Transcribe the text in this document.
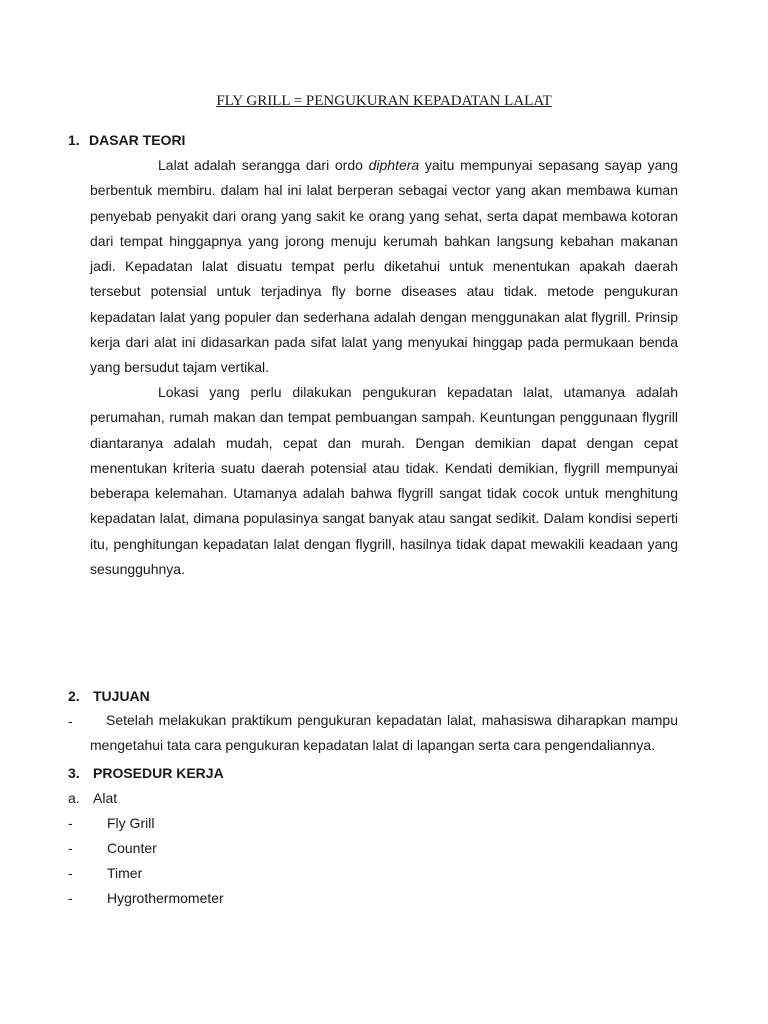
FLY GRILL = PENGUKURAN KEPADATAN LALAT
1. DASAR TEORI

Lalat adalah serangga dari ordo diphtera yaitu mempunyai sepasang sayap yang berbentuk membiru. dalam hal ini lalat berperan sebagai vector yang akan membawa kuman penyebab penyakit dari orang yang sakit ke orang yang sehat, serta dapat membawa kotoran dari tempat hinggapnya yang jorong menuju kerumah bahkan langsung kebahan makanan jadi. Kepadatan lalat disuatu tempat perlu diketahui untuk menentukan apakah daerah tersebut potensial untuk terjadinya fly borne diseases atau tidak. metode pengukuran kepadatan lalat yang populer dan sederhana adalah dengan menggunakan alat flygrill. Prinsip kerja dari alat ini didasarkan pada sifat lalat yang menyukai hinggap pada permukaan benda yang bersudut tajam vertikal.

Lokasi yang perlu dilakukan pengukuran kepadatan lalat, utamanya adalah perumahan, rumah makan dan tempat pembuangan sampah. Keuntungan penggunaan flygrill diantaranya adalah mudah, cepat dan murah. Dengan demikian dapat dengan cepat menentukan kriteria suatu daerah potensial atau tidak. Kendati demikian, flygrill mempunyai beberapa kelemahan. Utamanya adalah bahwa flygrill sangat tidak cocok untuk menghitung kepadatan lalat, dimana populasinya sangat banyak atau sangat sedikit. Dalam kondisi seperti itu, penghitungan kepadatan lalat dengan flygrill, hasilnya tidak dapat mewakili keadaan yang sesungguhnya.

2. TUJUAN
-	Setelah melakukan praktikum pengukuran kepadatan lalat, mahasiswa diharapkan mampu mengetahui tata cara pengukuran kepadatan lalat di lapangan serta cara pengendaliannya.

3. PROSEDUR KERJA
a. Alat
- Fly Grill
- Counter
- Timer
- Hygrothermometer
